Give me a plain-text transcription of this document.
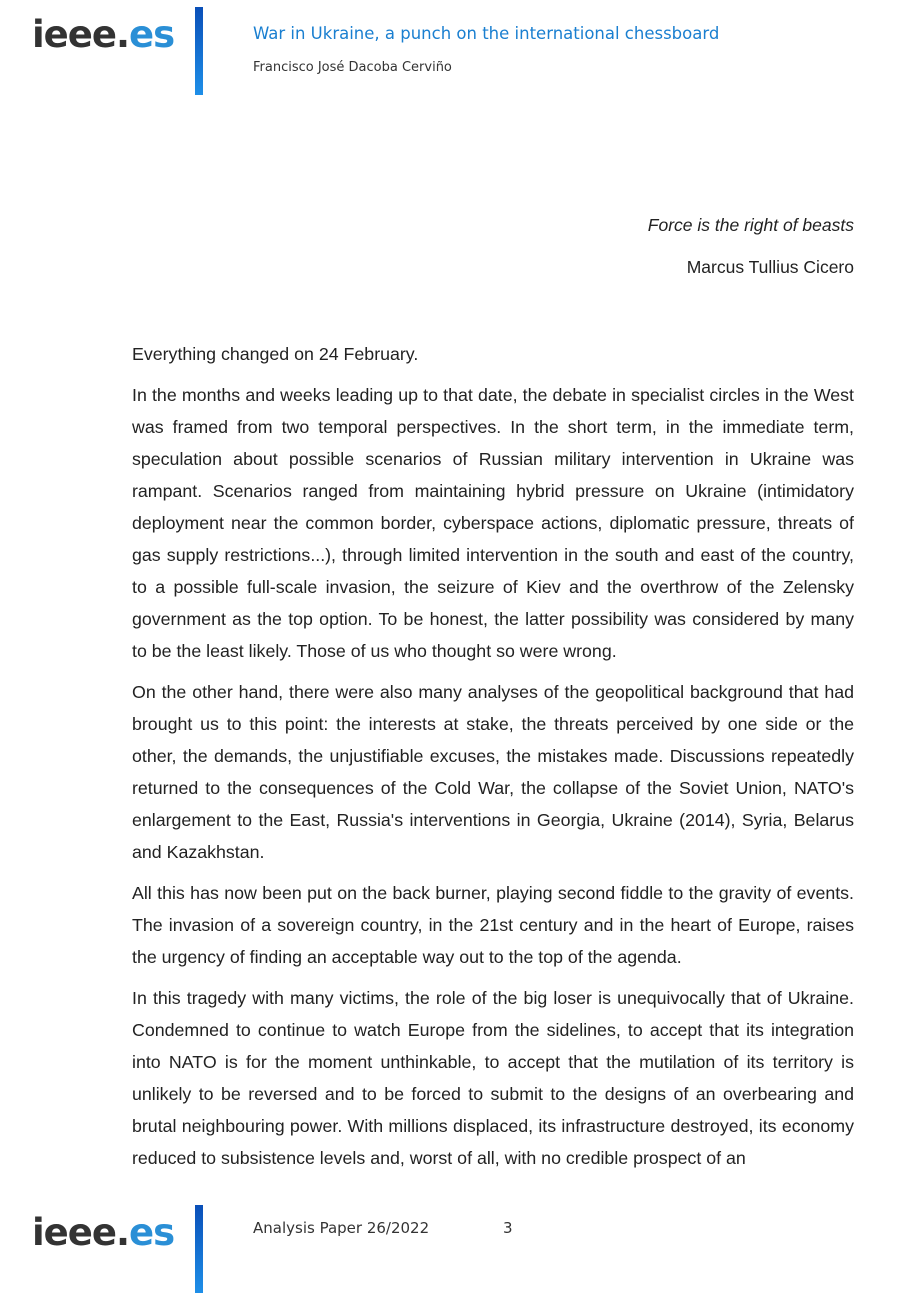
ieee.es	War in Ukraine, a punch on the international chessboard
Francisco José Dacoba Cerviño
Force is the right of beasts
Marcus Tullius Cicero

Everything changed on 24 February.

In the months and weeks leading up to that date, the debate in specialist circles in the West was framed from two temporal perspectives. In the short term, in the immediate term, speculation about possible scenarios of Russian military intervention in Ukraine was rampant. Scenarios ranged from maintaining hybrid pressure on Ukraine (intimidatory deployment near the common border, cyberspace actions, diplomatic pressure, threats of gas supply restrictions...), through limited intervention in the south and east of the country, to a possible full-scale invasion, the seizure of Kiev and the overthrow of the Zelensky government as the top option. To be honest, the latter possibility was considered by many to be the least likely. Those of us who thought so were wrong.

On the other hand, there were also many analyses of the geopolitical background that had brought us to this point: the interests at stake, the threats perceived by one side or the other, the demands, the unjustifiable excuses, the mistakes made. Discussions repeatedly returned to the consequences of the Cold War, the collapse of the Soviet Union, NATO's enlargement to the East, Russia's interventions in Georgia, Ukraine (2014), Syria, Belarus and Kazakhstan.

All this has now been put on the back burner, playing second fiddle to the gravity of events. The invasion of a sovereign country, in the 21st century and in the heart of Europe, raises the urgency of finding an acceptable way out to the top of the agenda.

In this tragedy with many victims, the role of the big loser is unequivocally that of Ukraine. Condemned to continue to watch Europe from the sidelines, to accept that its integration into NATO is for the moment unthinkable, to accept that the mutilation of its territory is unlikely to be reversed and to be forced to submit to the designs of an overbearing and brutal neighbouring power. With millions displaced, its infrastructure destroyed, its economy reduced to subsistence levels and, worst of all, with no credible prospect of an

ieee.es	Analysis Paper 26/2022	3
